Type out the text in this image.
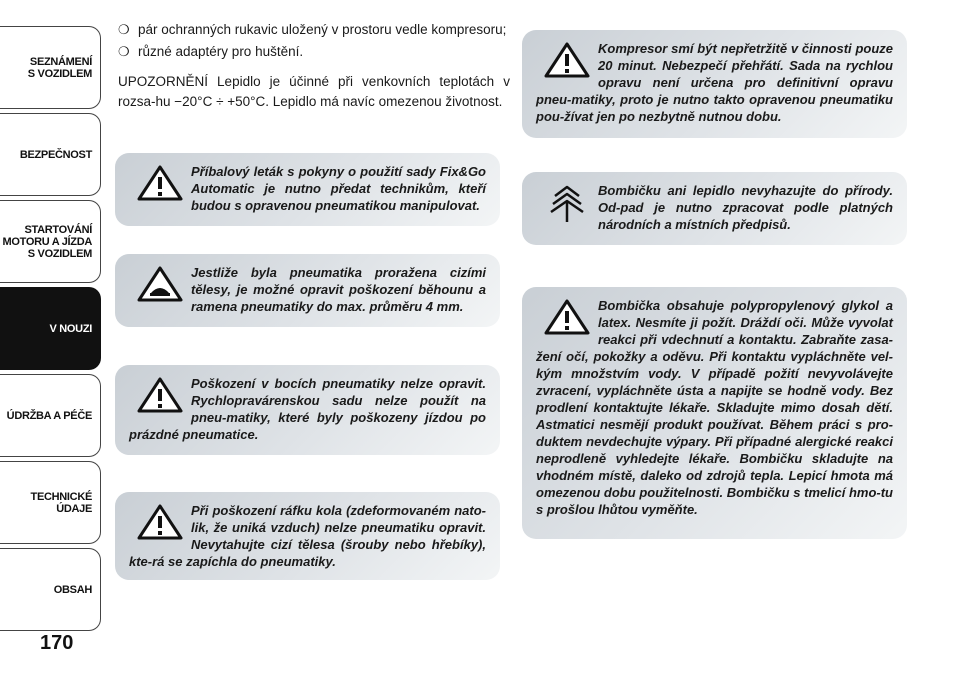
SEZNÁMENÍ
S VOZIDLEM
BEZPEČNOST
STARTOVÁNÍ
MOTORU A JÍZDA
S VOZIDLEM
V NOUZI
ÚDRŽBA A PÉČE
TECHNICKÉ
ÚDAJE
OBSAH
170
❍ pár ochranných rukavic uložený v prostoru vedle kompresoru;
❍ různé adaptéry pro huštění.
UPOZORNĚNÍ Lepidlo je účinné při venkovních teplotách v rozsa-hu −20°C ÷ +50°C. Lepidlo má navíc omezenou životnost.

Příbalový leták s pokyny o použití sady Fix&Go Automatic je nutno předat technikům, kteří budou s opravenou pneumatikou manipulovat.

Jestliže byla pneumatika proražena cizími tělesy, je možné opravit poškození běhounu a ramena pneumatiky do max. průměru 4 mm.

Poškození v bocích pneumatiky nelze opravit. Rychlopravárenskou sadu nelze použít na pneu-matiky, které byly poškozeny jízdou po prázdné pneumatice.

Při poškození ráfku kola (zdeformovaném nato-lik, že uniká vzduch) nelze pneumatiku opravit. Nevytahujte cizí tělesa (šrouby nebo hřebíky), kte-rá se zapíchla do pneumatiky.

Kompresor smí být nepřetržitě v činnosti pouze 20 minut. Nebezpečí přehřátí. Sada na rychlou opravu není určena pro definitivní opravu pneu-matiky, proto je nutno takto opravenou pneumatiku pou-žívat jen po nezbytně nutnou dobu.

Bombičku ani lepidlo nevyhazujte do přírody. Od-pad je nutno zpracovat podle platných národních a místních předpisů.

Bombička obsahuje polypropylenový glykol a latex. Nesmíte ji požít. Dráždí oči. Může vyvolat reakci při vdechnutí a kontaktu. Zabraňte zasa-žení očí, pokožky a oděvu. Při kontaktu vypláchněte vel-kým množstvím vody. V případě požití nevyvolávejte zvracení, vypláchněte ústa a napijte se hodně vody. Bez prodlení kontaktujte lékaře. Skladujte mimo dosah dětí. Astmatici nesmějí produkt používat. Během práci s pro-duktem nevdechujte výpary. Při případné alergické reakci neprodleně vyhledejte lékaře. Bombičku skladujte na vhodném místě, daleko od zdrojů tepla. Lepicí hmota má omezenou dobu použitelnosti. Bombičku s tmelicí hmo-tu s prošlou lhůtou vyměňte.
